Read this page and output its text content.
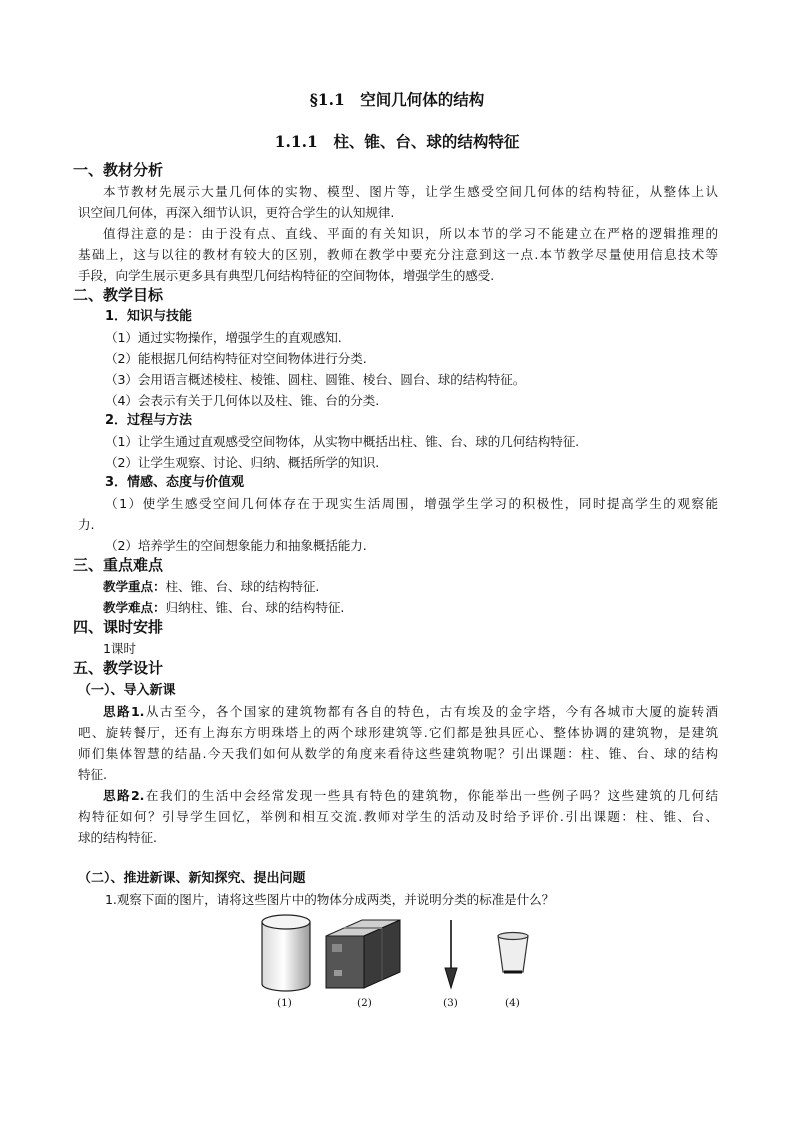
§1.1　空间几何体的结构
1.1.1　柱、锥、台、球的结构特征
一、教材分析
本节教材先展示大量几何体的实物、模型、图片等，让学生感受空间几何体的结构特征，从整体上认
识空间几何体，再深入细节认识，更符合学生的认知规律.
值得注意的是：由于没有点、直线、平面的有关知识，所以本节的学习不能建立在严格的逻辑推理的
基础上，这与以往的教材有较大的区别，教师在教学中要充分注意到这一点.本节教学尽量使用信息技术等
手段，向学生展示更多具有典型几何结构特征的空间物体，增强学生的感受.
二、教学目标
1．知识与技能
（1）通过实物操作，增强学生的直观感知.
（2）能根据几何结构特征对空间物体进行分类.
（3）会用语言概述棱柱、棱锥、圆柱、圆锥、棱台、圆台、球的结构特征。
（4）会表示有关于几何体以及柱、锥、台的分类.
2．过程与方法
（1）让学生通过直观感受空间物体，从实物中概括出柱、锥、台、球的几何结构特征.
（2）让学生观察、讨论、归纳、概括所学的知识.
3．情感、态度与价值观
（1）使学生感受空间几何体存在于现实生活周围，增强学生学习的积极性，同时提高学生的观察能
力.
（2）培养学生的空间想象能力和抽象概括能力.
三、重点难点
教学重点：柱、锥、台、球的结构特征.
教学难点：归纳柱、锥、台、球的结构特征.
四、课时安排
1课时
五、教学设计
（一）、导入新课
思路1.从古至今，各个国家的建筑物都有各自的特色，古有埃及的金字塔，今有各城市大厦的旋转酒
吧、旋转餐厅，还有上海东方明珠塔上的两个球形建筑等.它们都是独具匠心、整体协调的建筑物，是建筑
师们集体智慧的结晶.今天我们如何从数学的角度来看待这些建筑物呢？引出课题：柱、锥、台、球的结构
特征.
思路2.在我们的生活中会经常发现一些具有特色的建筑物，你能举出一些例子吗？这些建筑的几何结
构特征如何？引导学生回忆，举例和相互交流.教师对学生的活动及时给予评价.引出课题：柱、锥、台、
球的结构特征.
（二）、推进新课、新知探究、提出问题
1.观察下面的图片，请将这些图片中的物体分成两类，并说明分类的标准是什么？
(1)	(2)	(3)	(4)
